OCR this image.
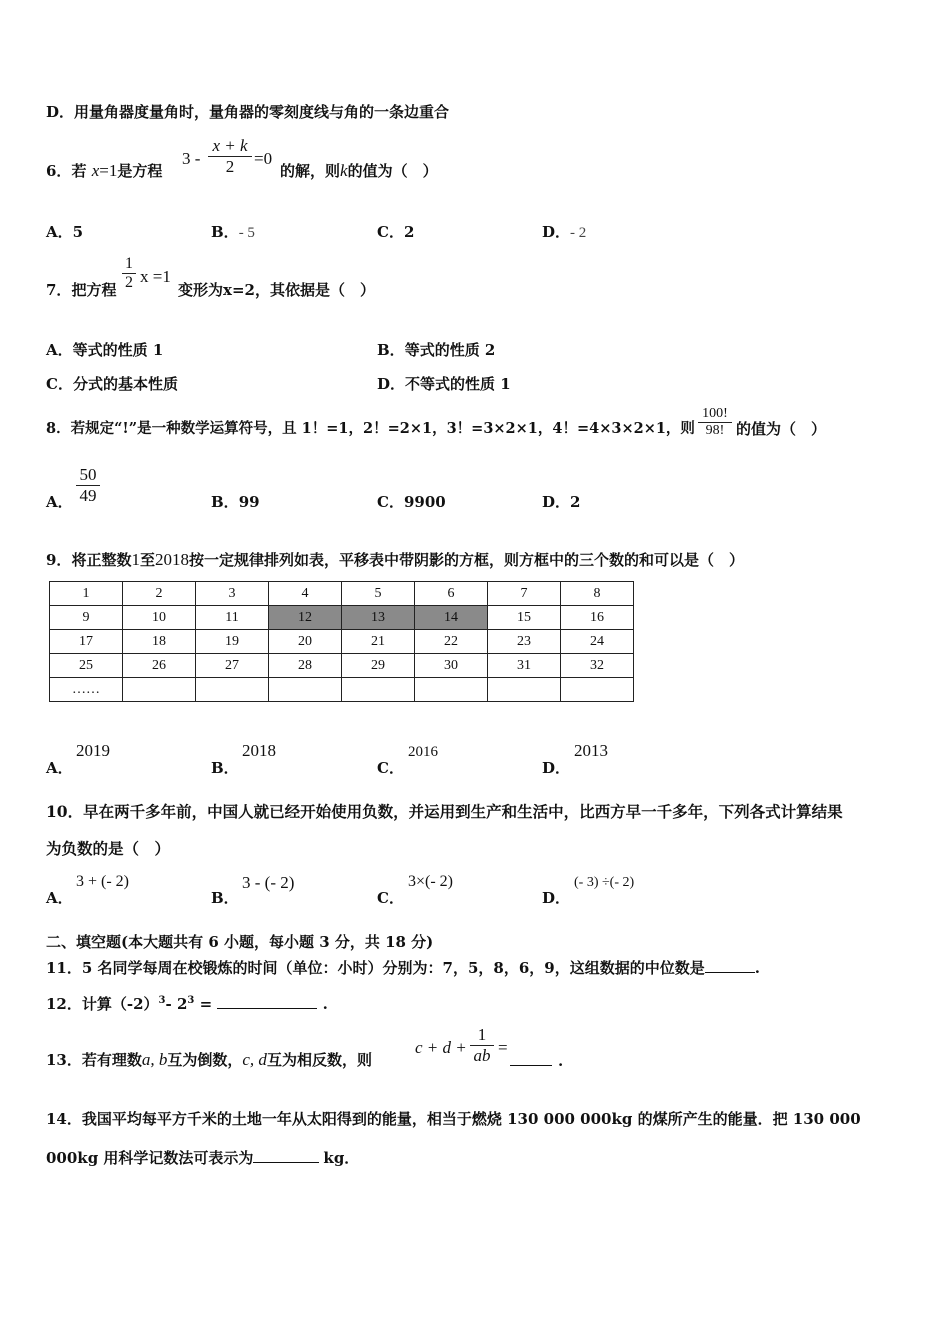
D．用量角器度量角时，量角器的零刻度线与角的一条边重合
6．若 x=1是方程
3 -
x + k
2	=0
的解，则k的值为（　）
A．5	B．- 5	C．2	D．- 2
7．把方程
1
2 x =1
变形为x=2，其依据是（　）
A．等式的性质 1	B．等式的性质 2
C．分式的基本性质	D．不等式的性质 1
8．若规定“!”是一种数学运算符号，且 1！=1，2！=2×1，3！=3×2×1，4！=4×3×2×1，则
100!
98! 的值为（　）
A．
50
49	B．99	C．9900	D．2
9．将正整数1至2018按一定规律排列如表，平移表中带阴影的方框，则方框中的三个数的和可以是（　）
1	2	3	4	5	6	7	8
9	10	11	12	13	14	15	16
17	18	19	20	21	22	23	24
25	26	27	28	29	30	31	32
……							
A．
2019
B．
2018
C．
2016
D．
2013
10．早在两千多年前，中国人就已经开始使用负数，并运用到生产和生活中，比西方早一千多年，下列各式计算结果
为负数的是（　）
A．
3 + (- 2)
B．
3 - (- 2)
C．
3×(- 2)
D．
(- 3) ÷(- 2)
二、填空题(本大题共有 6 小题，每小题 3 分，共 18 分)
11．5 名同学每周在校锻炼的时间（单位：小时）分别为：7，5，8，6，9，这组数据的中位数是	.
12．计算$(-2)^3-$ $2^3$ =	.
13．若有理数a, b互为倒数，c, d互为相反数，则
c + d +
1
ab =
.
14．我国平均每平方千米的土地一年从太阳得到的能量，相当于燃烧 130 000 000kg 的煤所产生的能量．把 130 000
000kg 用科学记数法可表示为	kg．
